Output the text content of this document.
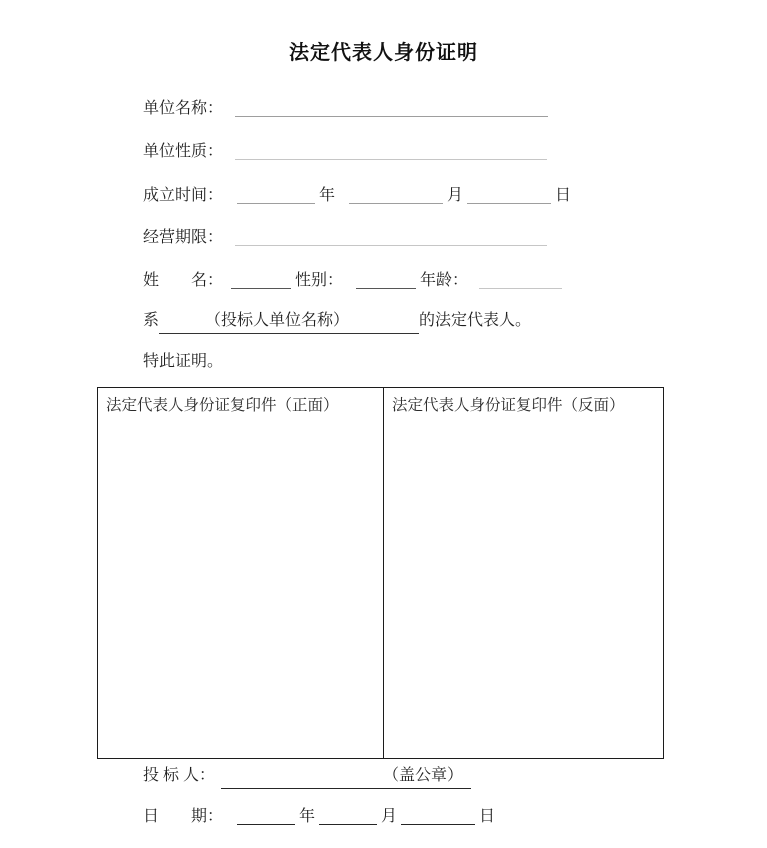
法定代表人身份证明
单位名称：
单位性质：
成立时间：	年	月	日
经营期限：
姓　　名：	性别：	年龄：
系	（投标人单位名称）	的法定代表人。
特此证明。
法定代表人身份证复印件（正面）	法定代表人身份证复印件（反面）
投 标 人：	（盖公章）
日　　期：	年	月	日
